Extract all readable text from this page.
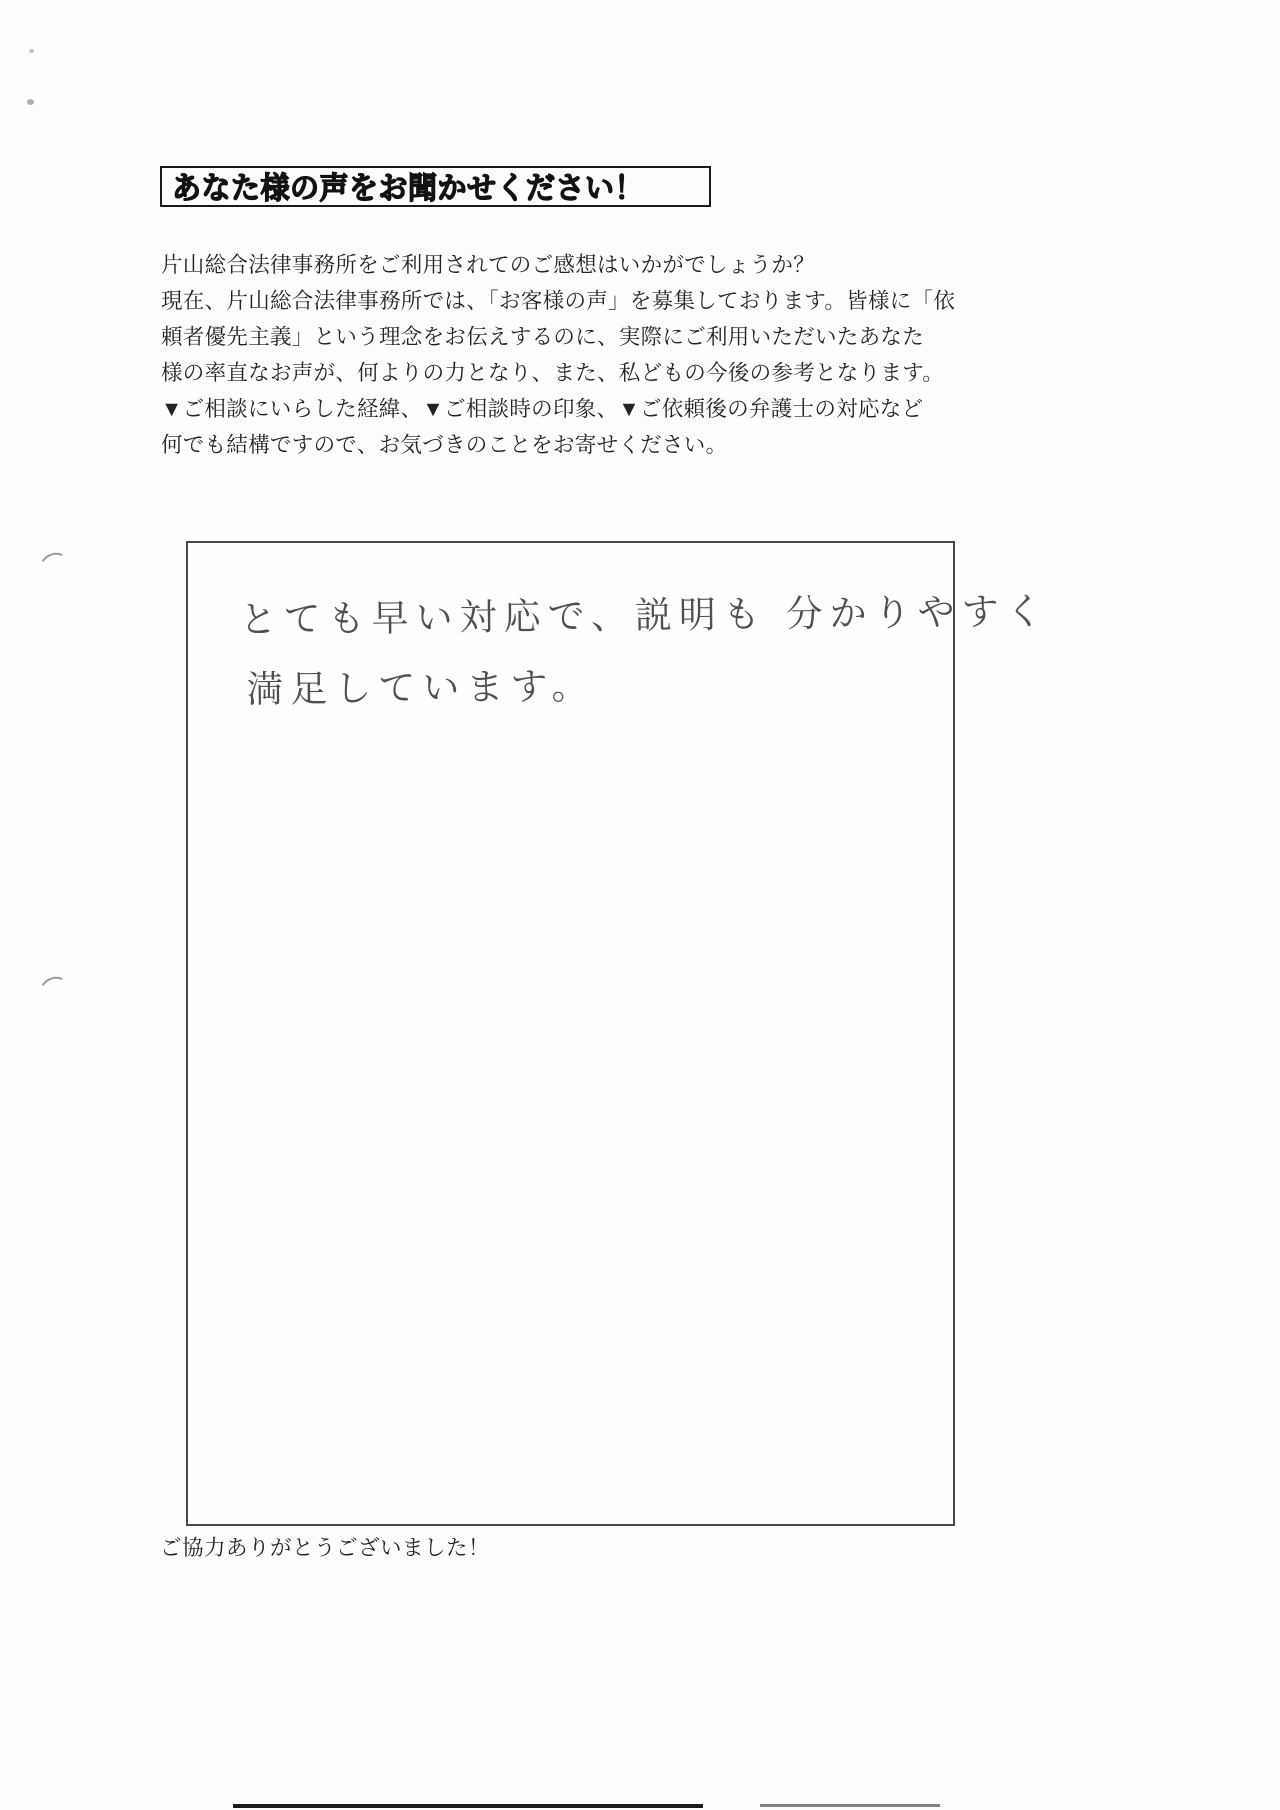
あなた様の声をお聞かせください！
片山総合法律事務所をご利用されてのご感想はいかがでしょうか？
現在、片山総合法律事務所では、「お客様の声」を募集しております。皆様に「依
頼者優先主義」という理念をお伝えするのに、実際にご利用いただいたあなた
様の率直なお声が、何よりの力となり、また、私どもの今後の参考となります。
▼ご相談にいらした経緯、▼ご相談時の印象、▼ご依頼後の弁護士の対応など
何でも結構ですので、お気づきのことをお寄せください。
とても早い対応で、説明も 分かりやすく
満足しています。
ご協力ありがとうございました！
